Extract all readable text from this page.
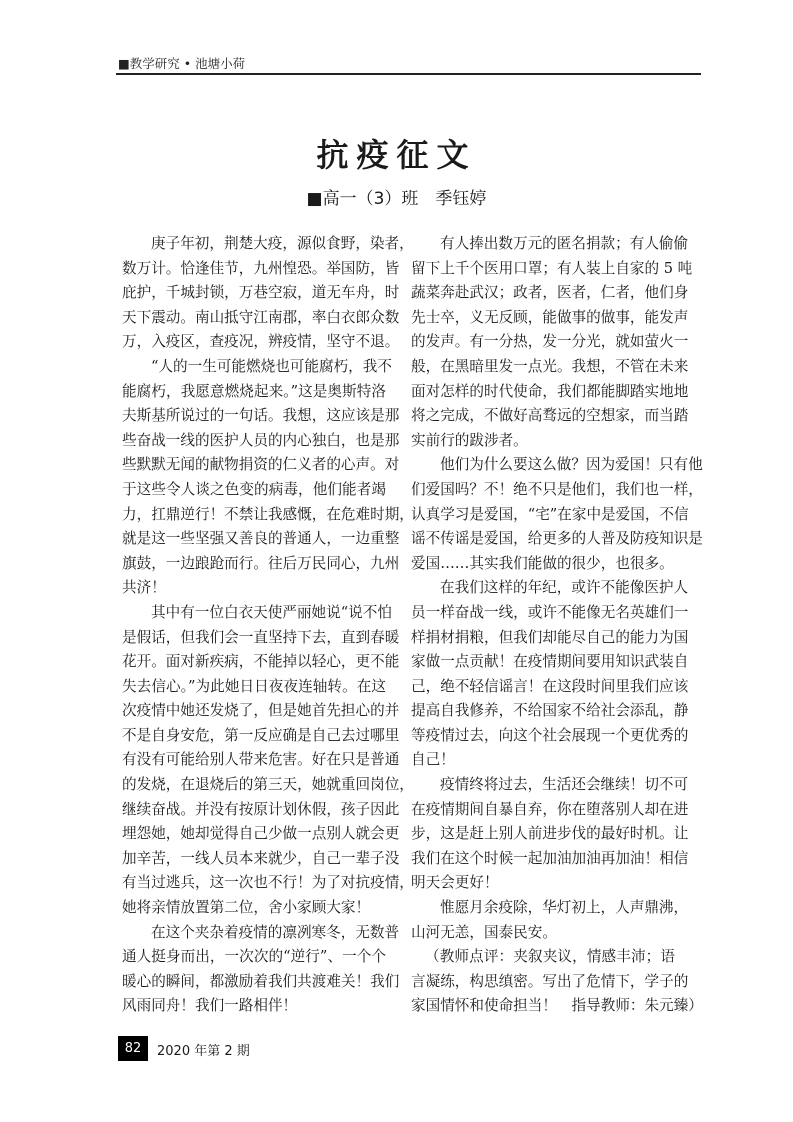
■教学研究 • 池塘小荷
抗疫征文
■高一（3）班　季钰婷
庚子年初，荆楚大疫，源似食野，染者，
数万计。恰逢佳节，九州惶恐。举国防，皆
庇护，千城封锁，万巷空寂，道无车舟，时
天下震动。南山抵守江南郡，率白衣郎众数
万，入疫区，查疫况，辨疫情，坚守不退。
“人的一生可能燃烧也可能腐朽，我不
能腐朽，我愿意燃烧起来。”这是奥斯特洛
夫斯基所说过的一句话。我想，这应该是那
些奋战一线的医护人员的内心独白，也是那
些默默无闻的献物捐资的仁义者的心声。对
于这些令人谈之色变的病毒，他们能者竭
力，扛鼎逆行！不禁让我感慨，在危难时期，
就是这一些坚强又善良的普通人，一边重整
旗鼓，一边踉跄而行。往后万民同心，九州
共济！
其中有一位白衣天使严丽她说“说不怕
是假话，但我们会一直坚持下去，直到春暖
花开。面对新疾病，不能掉以轻心，更不能
失去信心。”为此她日日夜夜连轴转。在这
次疫情中她还发烧了，但是她首先担心的并
不是自身安危，第一反应确是自己去过哪里
有没有可能给别人带来危害。好在只是普通
的发烧，在退烧后的第三天，她就重回岗位，
继续奋战。并没有按原计划休假，孩子因此
埋怨她，她却觉得自己少做一点别人就会更
加辛苦，一线人员本来就少，自己一辈子没
有当过逃兵，这一次也不行！为了对抗疫情，
她将亲情放置第二位，舍小家顾大家！
在这个夹杂着疫情的凛冽寒冬，无数普
通人挺身而出，一次次的“逆行”、一个个
暖心的瞬间，都激励着我们共渡难关！我们
风雨同舟！我们一路相伴！
有人捧出数万元的匿名捐款；有人偷偷
留下上千个医用口罩；有人装上自家的 5 吨
蔬菜奔赴武汉；政者，医者，仁者，他们身
先士卒，义无反顾，能做事的做事，能发声
的发声。有一分热，发一分光，就如萤火一
般，在黑暗里发一点光。我想，不管在未来
面对怎样的时代使命，我们都能脚踏实地地
将之完成，不做好高骛远的空想家，而当踏
实前行的跋涉者。
他们为什么要这么做？因为爱国！只有他
们爱国吗？不！绝不只是他们，我们也一样，
认真学习是爱国，“宅”在家中是爱国，不信
谣不传谣是爱国，给更多的人普及防疫知识是
爱国……其实我们能做的很少，也很多。
在我们这样的年纪，或许不能像医护人
员一样奋战一线，或许不能像无名英雄们一
样捐材捐粮，但我们却能尽自己的能力为国
家做一点贡献！在疫情期间要用知识武装自
己，绝不轻信谣言！在这段时间里我们应该
提高自我修养，不给国家不给社会添乱，静
等疫情过去，向这个社会展现一个更优秀的
自己！
疫情终将过去，生活还会继续！切不可
在疫情期间自暴自弃，你在堕落别人却在进
步，这是赶上别人前进步伐的最好时机。让
我们在这个时候一起加油加油再加油！相信
明天会更好！
惟愿月余疫除，华灯初上，人声鼎沸，
山河无恙，国泰民安。
（教师点评：夹叙夹议，情感丰沛；语
言凝练，构思缜密。写出了危情下，学子的
家国情怀和使命担当！　指导教师：朱元臻）
82	2020 年第 2 期
